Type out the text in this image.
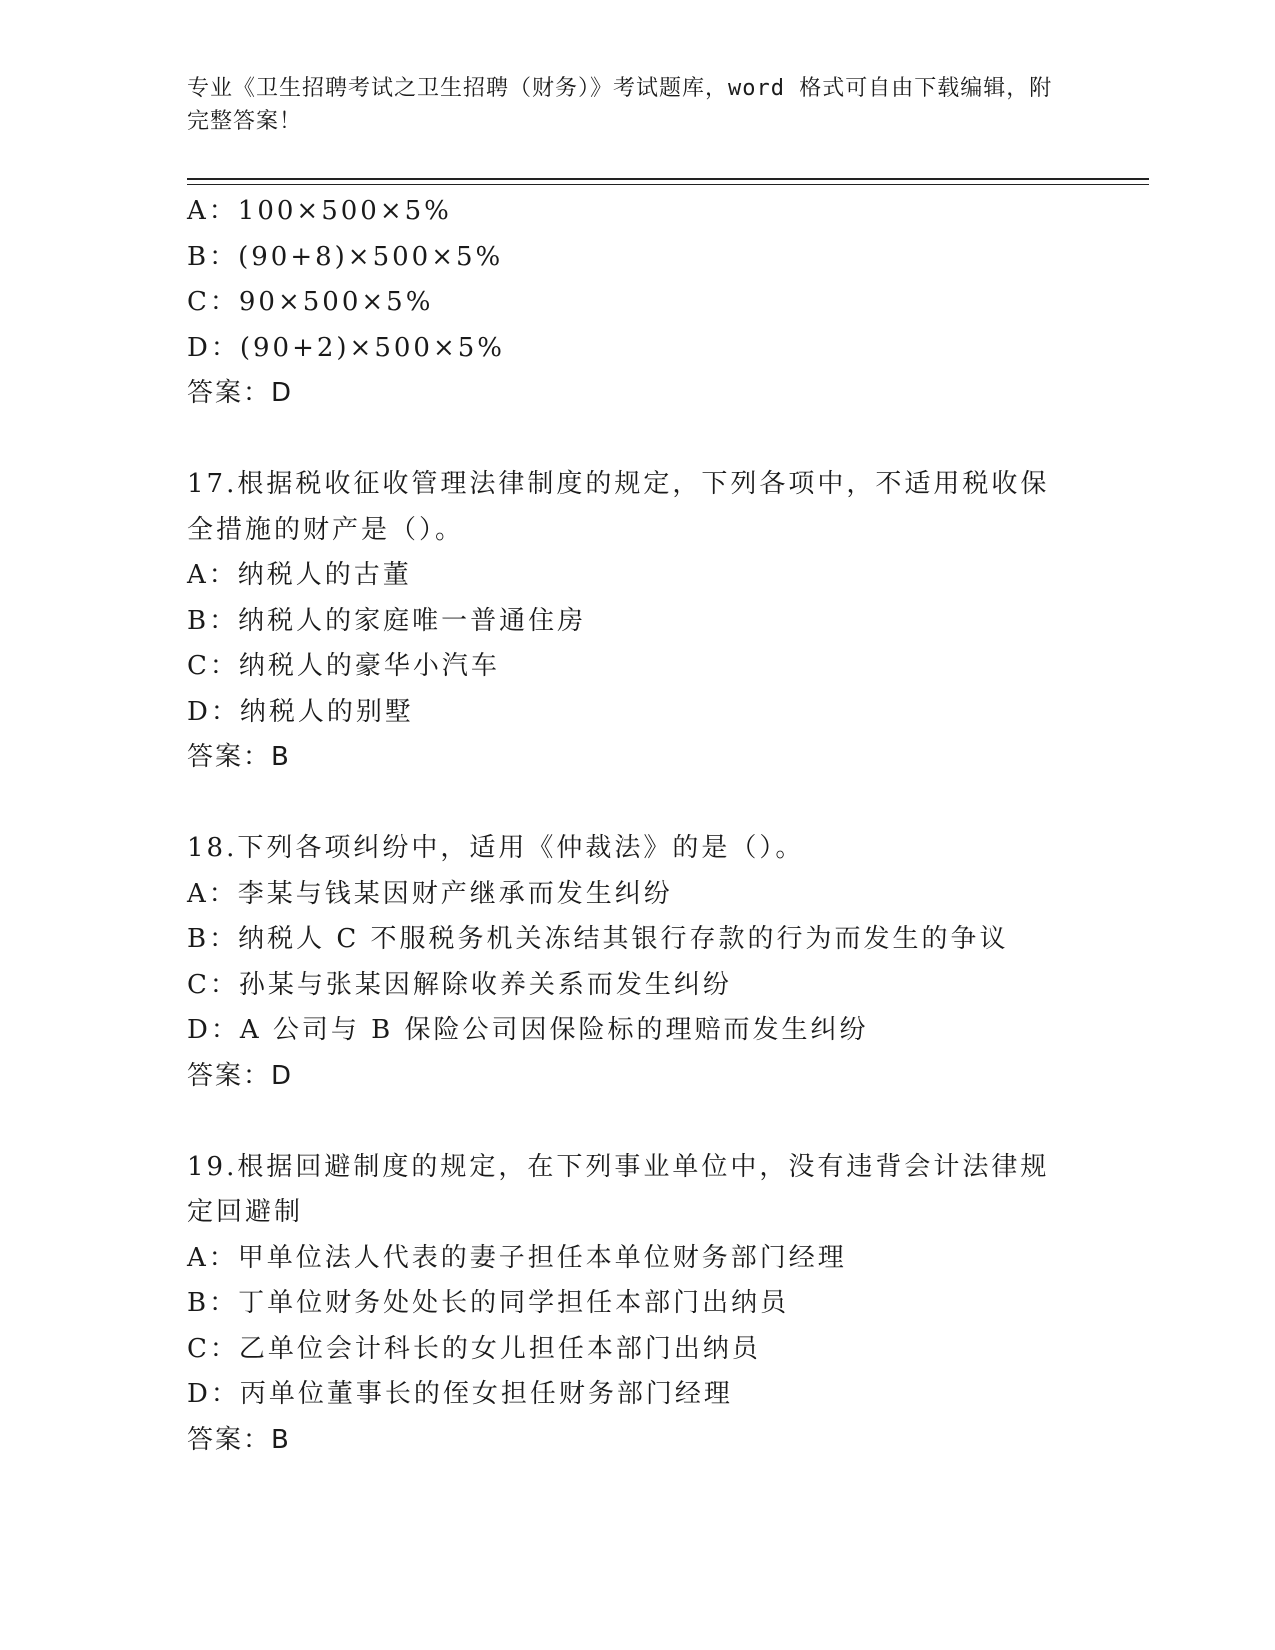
专业《卫生招聘考试之卫生招聘（财务）》考试题库，word 格式可自由下载编辑，附完整答案！
A：100×500×5%
B：(90+8)×500×5%
C：90×500×5%
D：(90+2)×500×5%
答案：D
17.根据税收征收管理法律制度的规定，下列各项中，不适用税收保全措施的财产是（）。
A：纳税人的古董
B：纳税人的家庭唯一普通住房
C：纳税人的豪华小汽车
D：纳税人的别墅
答案：B
18.下列各项纠纷中，适用《仲裁法》的是（）。
A：李某与钱某因财产继承而发生纠纷
B：纳税人 C 不服税务机关冻结其银行存款的行为而发生的争议
C：孙某与张某因解除收养关系而发生纠纷
D：A 公司与 B 保险公司因保险标的理赔而发生纠纷
答案：D
19.根据回避制度的规定，在下列事业单位中，没有违背会计法律规定回避制
A：甲单位法人代表的妻子担任本单位财务部门经理
B：丁单位财务处处长的同学担任本部门出纳员
C：乙单位会计科长的女儿担任本部门出纳员
D：丙单位董事长的侄女担任财务部门经理
答案：B
